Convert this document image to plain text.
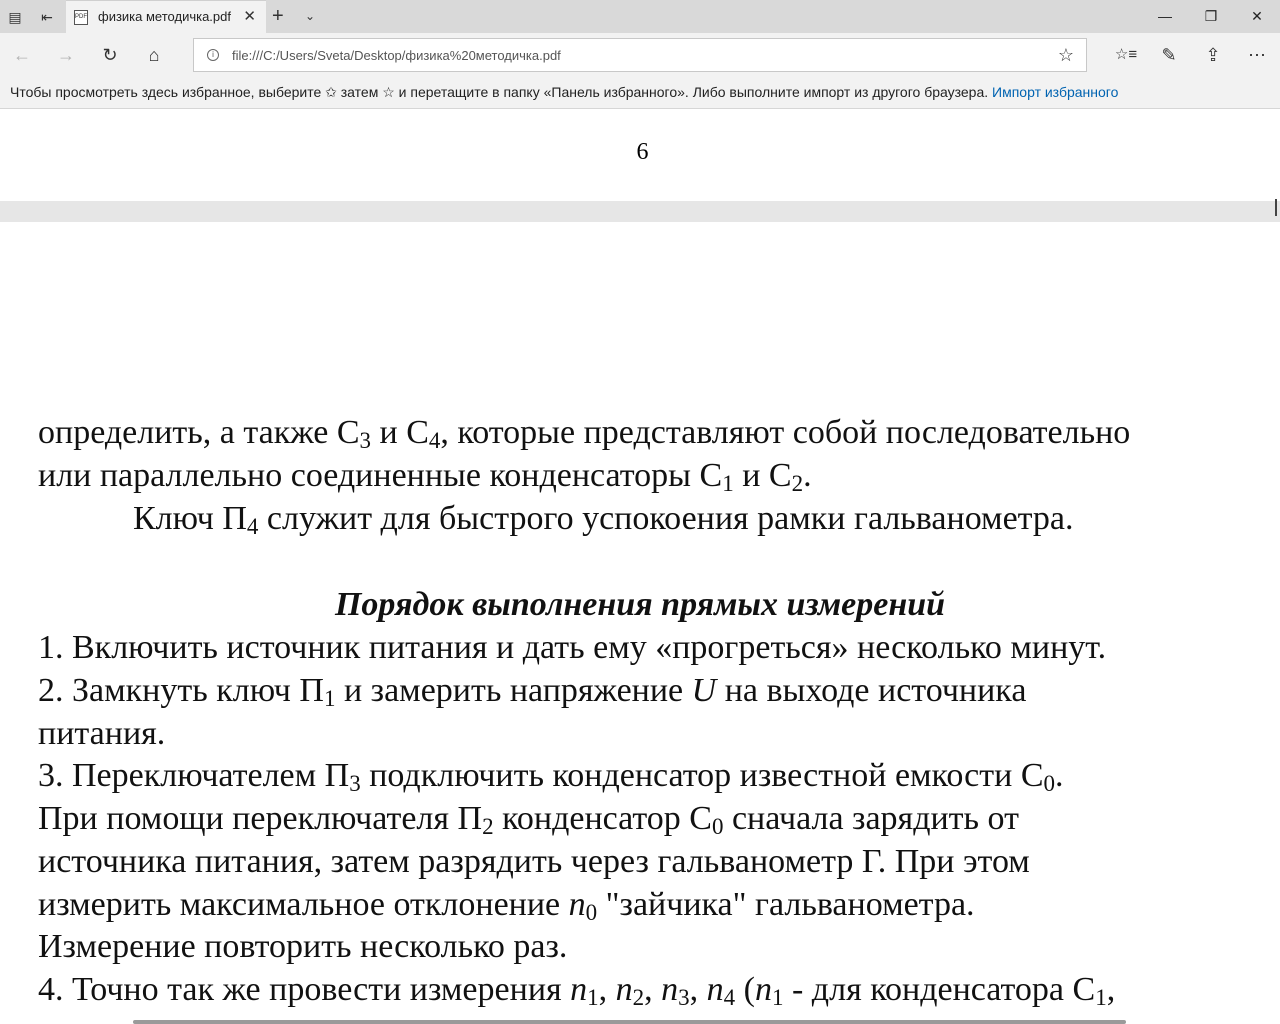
▤	⇤	PDF физика методичка.pdf ✕ + ⌄	—	❐	✕
← →	↻	⌂	i
file:///C:/Users/Sveta/Desktop/физика%20методичка.pdf	☆	☆≡	✎	⇪	⋯
Чтобы просмотреть здесь избранное, выберите ✩ затем ☆ и перетащите в папку «Панель избранного». Либо выполните импорт из другого браузера. Импорт избранного
6
определить, а также $C_3$ и $C_4$, которые представляют собой последовательно
или параллельно соединенные конденсаторы $C_1$ и $C_2$.
Ключ $П_4$ служит для быстрого успокоения рамки гальванометра.
Порядок выполнения прямых измерений
1. Включить источник питания и дать ему «прогреться» несколько минут.
2. Замкнуть ключ $П_1$ и замерить напряжение U на выходе источника
питания.
3. Переключателем $П_3$ подключить конденсатор известной емкости $C_0$.
При помощи переключателя $П_2$ конденсатор $C_0$ сначала зарядить от
источника питания, затем разрядить через гальванометр Г. При этом
измерить максимальное отклонение $n_0$ "зайчика" гальванометра.
Измерение повторить несколько раз.
4. Точно так же провести измерения $n_1$, $n_2$, $n_3$, $n_4$ ($n_1$ - для конденсатора $C_1$,
